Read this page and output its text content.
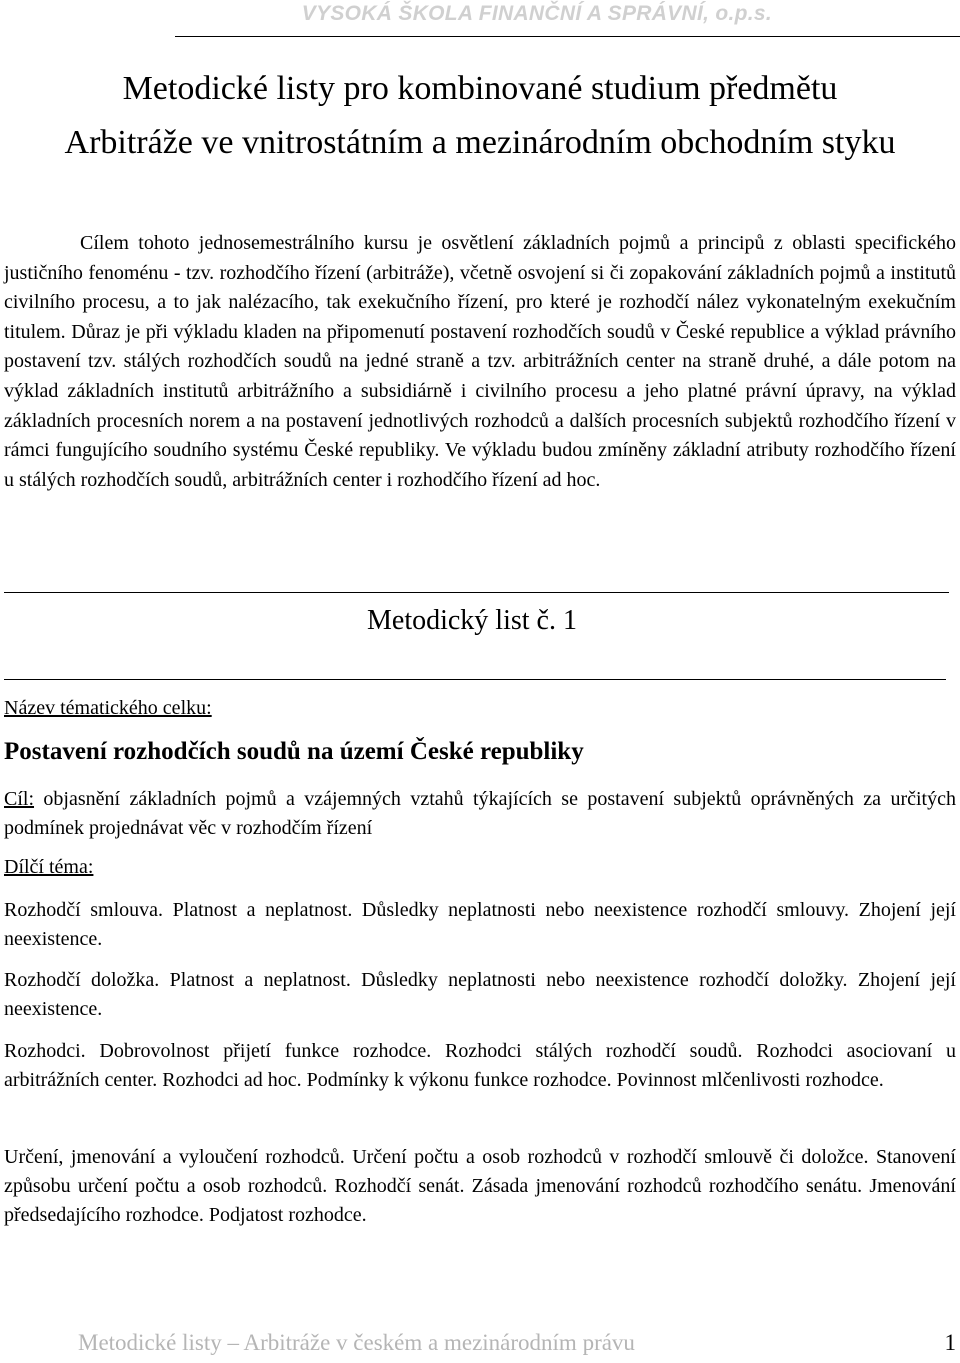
VYSOKÁ ŠKOLA FINANČNÍ A SPRÁVNÍ, o.p.s.
Metodické listy pro kombinované studium předmětu
Arbitráže ve vnitrostátním a mezinárodním obchodním styku

Cílem tohoto jednosemestrálního kursu je osvětlení základních pojmů a principů z oblasti specifického justičního fenoménu - tzv. rozhodčího řízení (arbitráže), včetně osvojení si či zopakování základních pojmů a institutů civilního procesu, a to jak nalézacího, tak exekučního řízení, pro které je rozhodčí nález vykonatelným exekučním titulem. Důraz je při výkladu kladen na připomenutí postavení rozhodčích soudů v České republice a výklad právního postavení tzv. stálých rozhodčích soudů na jedné straně a tzv. arbitrážních center na straně druhé, a dále potom na výklad základních institutů arbitrážního a subsidiárně i civilního procesu a jeho platné právní úpravy, na výklad základních procesních norem a na postavení jednotlivých rozhodců a dalších procesních subjektů rozhodčího řízení v rámci fungujícího soudního systému České republiky. Ve výkladu budou zmíněny základní atributy rozhodčího řízení u stálých rozhodčích soudů, arbitrážních center i rozhodčího řízení ad hoc.

Metodický list č. 1
Název tématického celku:
Postavení rozhodčích soudů na území České republiky

Cíl: objasnění základních pojmů a vzájemných vztahů týkajících se postavení subjektů oprávněných za určitých podmínek projednávat věc v rozhodčím řízení

Dílčí téma:

Rozhodčí smlouva. Platnost a neplatnost. Důsledky neplatnosti nebo neexistence rozhodčí smlouvy. Zhojení její neexistence.

Rozhodčí doložka. Platnost a neplatnost. Důsledky neplatnosti nebo neexistence rozhodčí doložky. Zhojení její neexistence.

Rozhodci. Dobrovolnost přijetí funkce rozhodce. Rozhodci stálých rozhodčí soudů. Rozhodci asociovaní u arbitrážních center. Rozhodci ad hoc. Podmínky k výkonu funkce rozhodce. Povinnost mlčenlivosti rozhodce.

Určení, jmenování a vyloučení rozhodců. Určení počtu a osob rozhodců v rozhodčí smlouvě či doložce. Stanovení způsobu určení počtu a osob rozhodců. Rozhodčí senát. Zásada jmenování rozhodců rozhodčího senátu. Jmenování předsedajícího rozhodce. Podjatost rozhodce.

Metodické listy – Arbitráže v českém a mezinárodním právu	1
